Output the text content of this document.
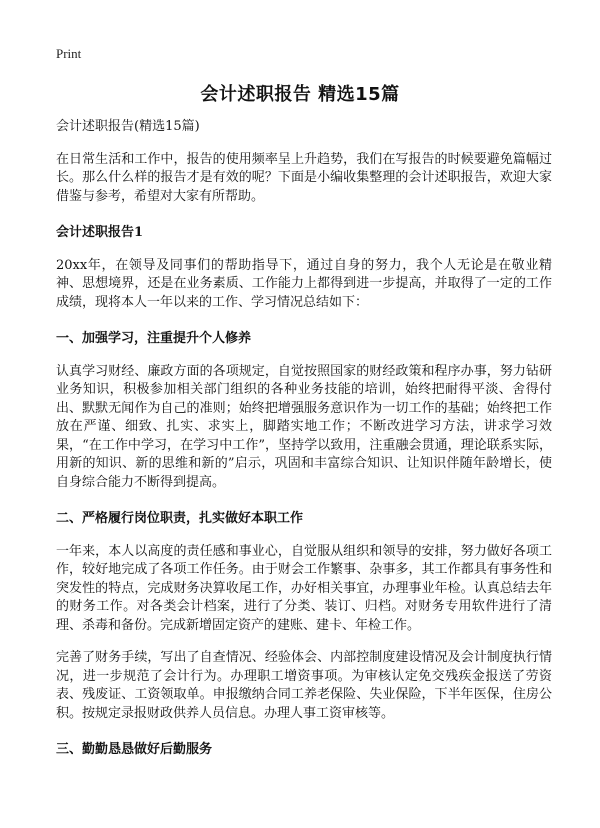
Print
会计述职报告 精选15篇
会计述职报告(精选15篇)

在日常生活和工作中，报告的使用频率呈上升趋势，我们在写报告的时候要避免篇幅过长。那么什么样的报告才是有效的呢？下面是小编收集整理的会计述职报告，欢迎大家借鉴与参考，希望对大家有所帮助。

会计述职报告1

20xx年，在领导及同事们的帮助指导下，通过自身的努力，我个人无论是在敬业精神、思想境界，还是在业务素质、工作能力上都得到进一步提高，并取得了一定的工作成绩，现将本人一年以来的工作、学习情况总结如下：

一、加强学习，注重提升个人修养

认真学习财经、廉政方面的各项规定，自觉按照国家的财经政策和程序办事，努力钻研业务知识，积极参加相关部门组织的各种业务技能的培训，始终把耐得平淡、舍得付出、默默无闻作为自己的准则；始终把增强服务意识作为一切工作的基础；始终把工作放在严谨、细致、扎实、求实上，脚踏实地工作；不断改进学习方法，讲求学习效果，“在工作中学习，在学习中工作”，坚持学以致用，注重融会贯通，理论联系实际，用新的知识、新的思维和新的”启示，巩固和丰富综合知识、让知识伴随年龄增长，使自身综合能力不断得到提高。

二、严格履行岗位职责，扎实做好本职工作

一年来，本人以高度的责任感和事业心，自觉服从组织和领导的安排，努力做好各项工作，较好地完成了各项工作任务。由于财会工作繁事、杂事多，其工作都具有事务性和突发性的特点，完成财务决算收尾工作，办好相关事宜，办理事业年检。认真总结去年的财务工作。对各类会计档案，进行了分类、装订、归档。对财务专用软件进行了清理、杀毒和备份。完成新增固定资产的建账、建卡、年检工作。

完善了财务手续，写出了自查情况、经验体会、内部控制度建设情况及会计制度执行情况，进一步规范了会计行为。办理职工增资事项。为审核认定免交残疾金报送了劳资表、残废证、工资领取单。申报缴纳合同工养老保险、失业保险，下半年医保，住房公积。按规定录报财政供养人员信息。办理人事工资审核等。

三、勤勤恳恳做好后勤服务
